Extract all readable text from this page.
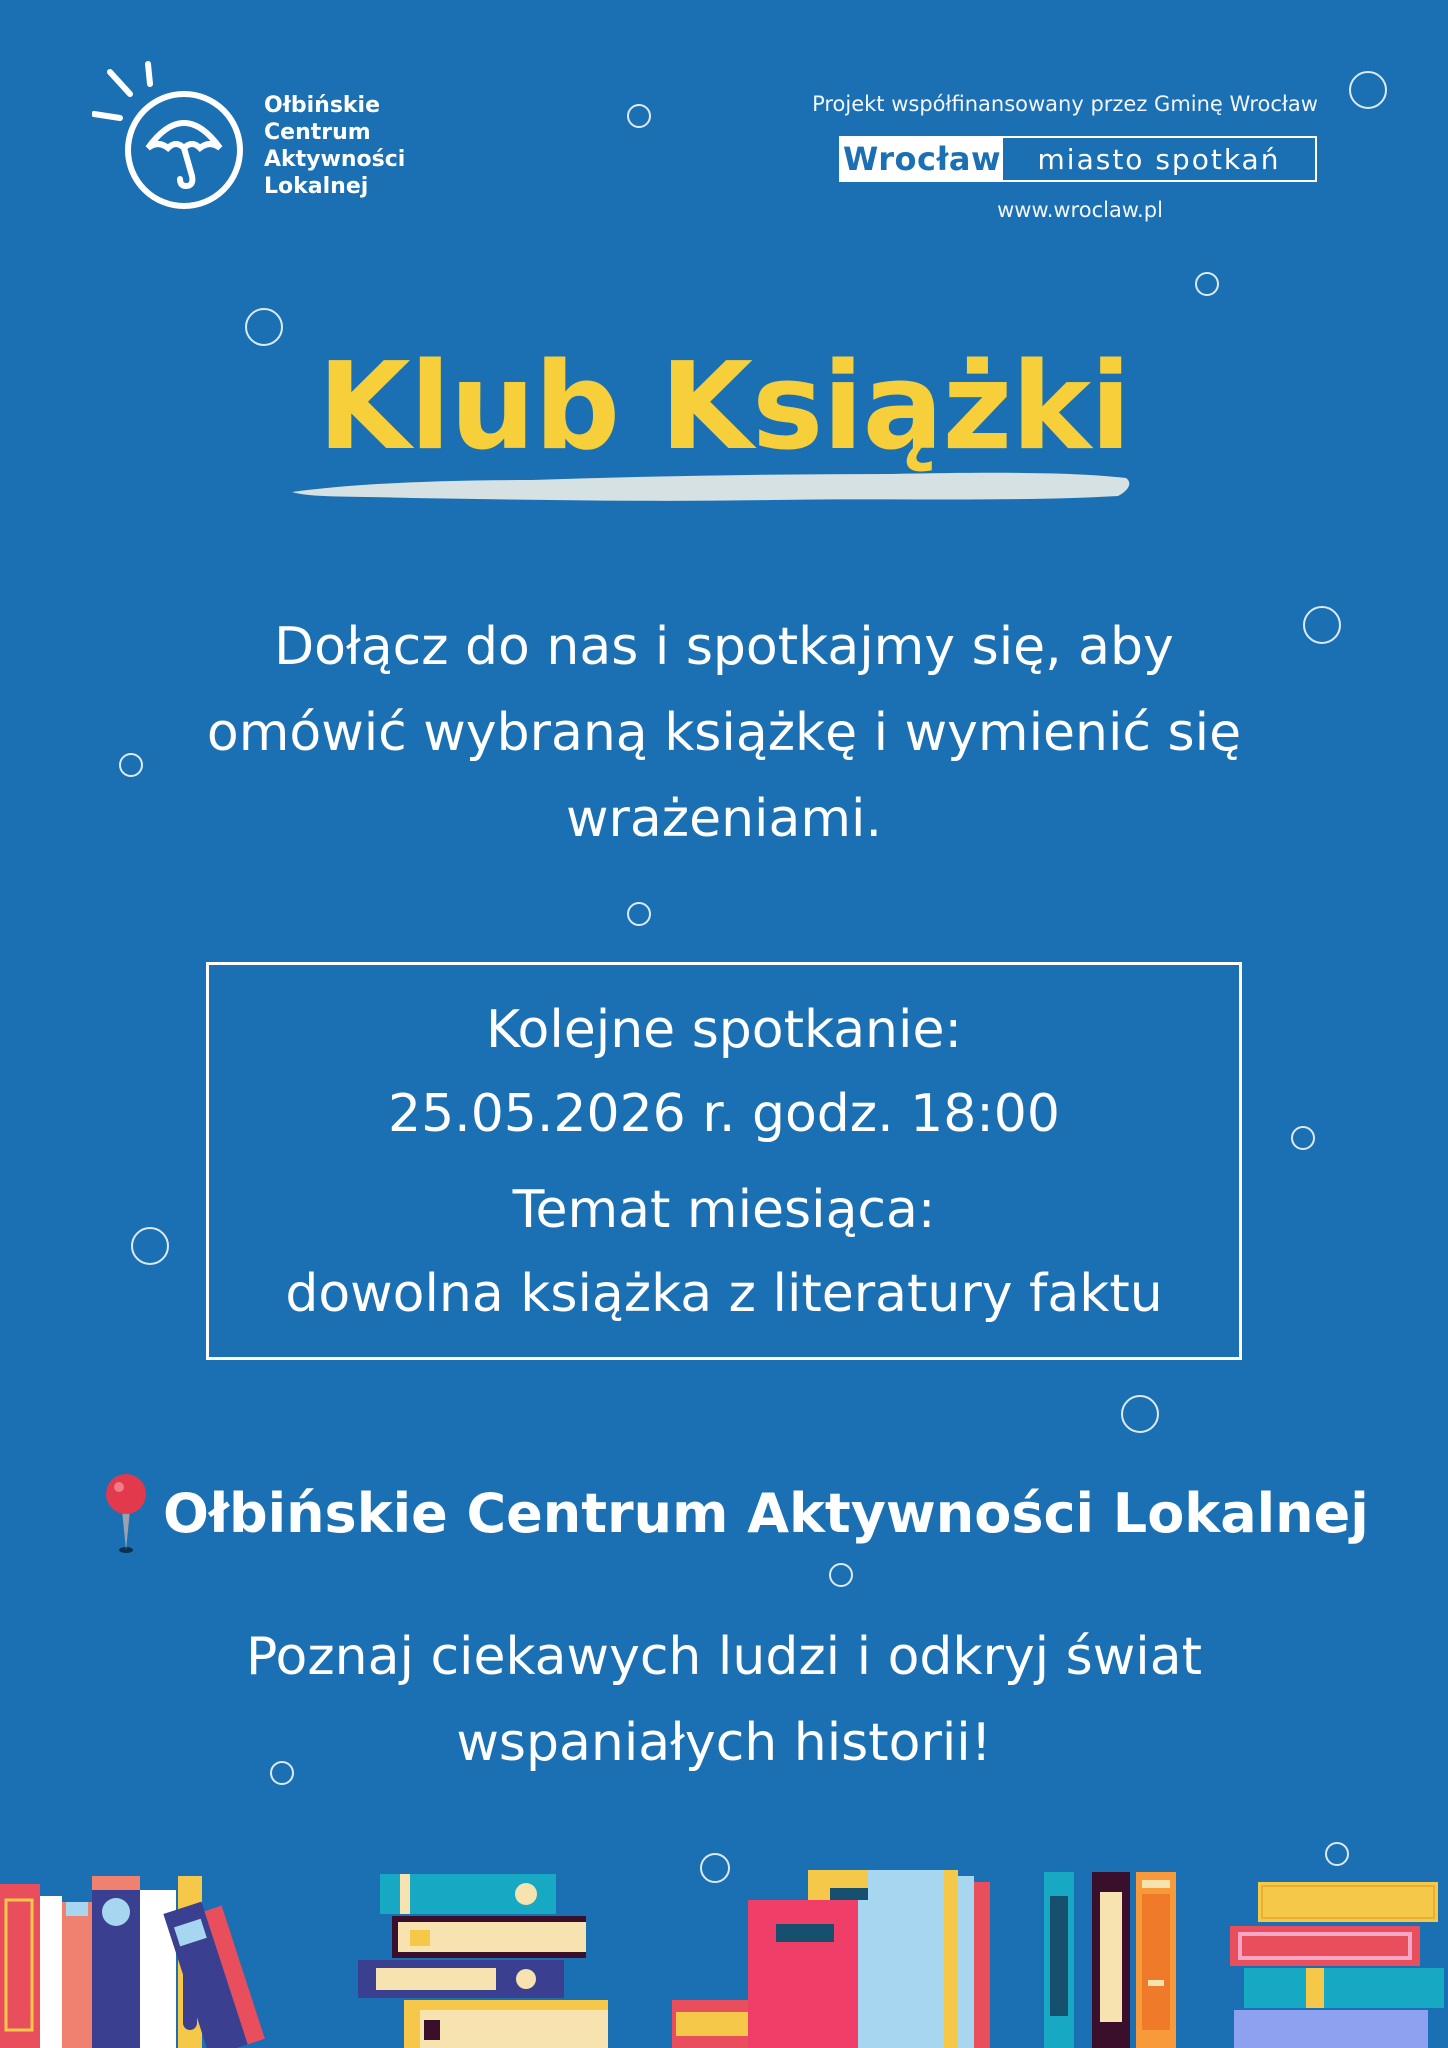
Ołbińskie
Centrum
Aktywności
Lokalnej
Projekt współfinansowany przez Gminę Wrocław
Wrocław	miasto spotkań
www.wroclaw.pl
Klub Książki
Dołącz do nas i spotkajmy się, aby
omówić wybraną książkę i wymienić się
wrażeniami.
Kolejne spotkanie:
25.05.2026 r. godz. 18:00
Temat miesiąca:
dowolna książka z literatury faktu
Ołbińskie Centrum Aktywności Lokalnej
Poznaj ciekawych ludzi i odkryj świat
wspaniałych historii!
